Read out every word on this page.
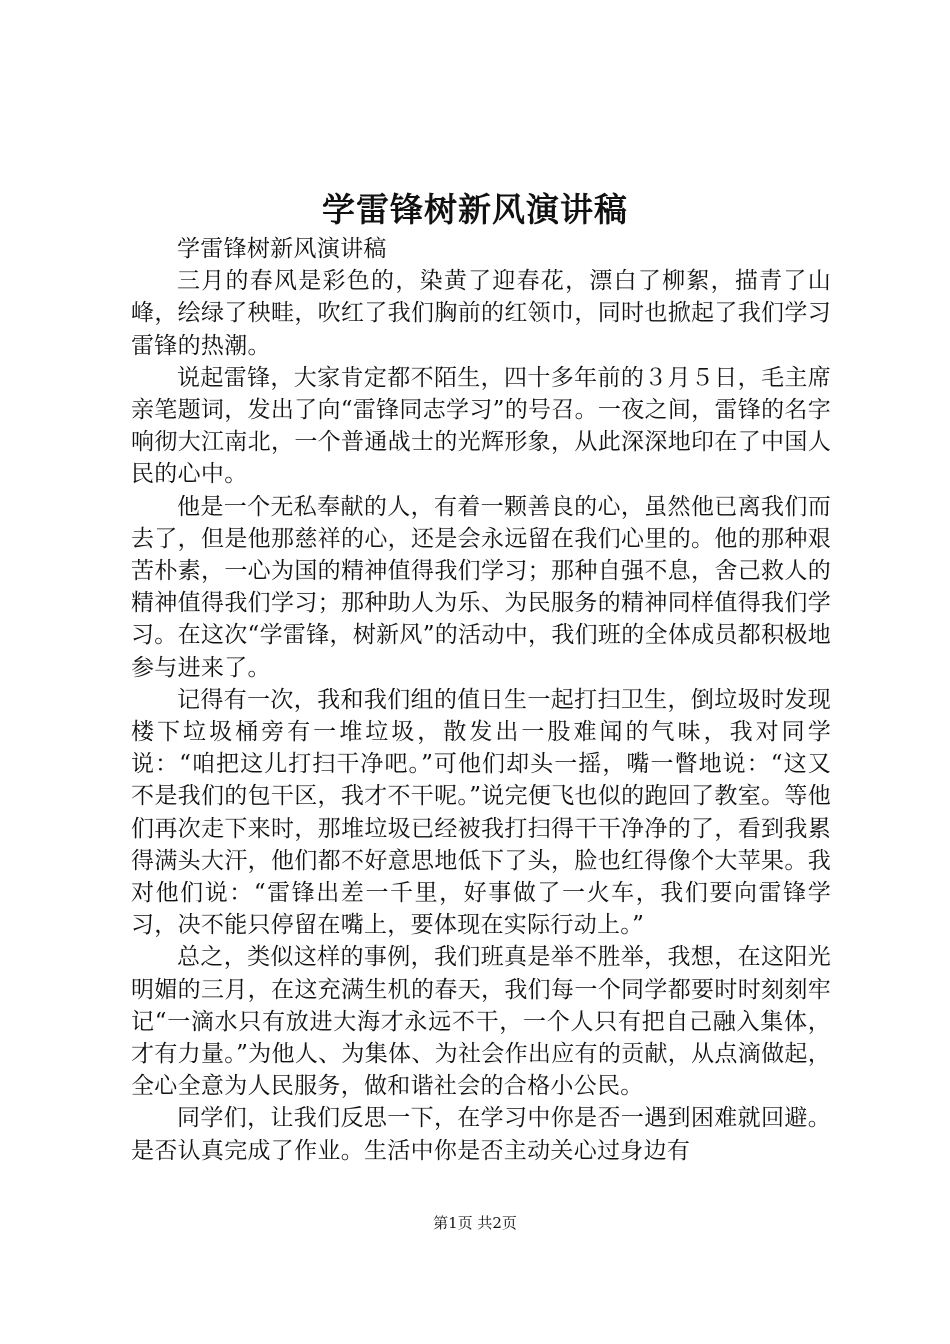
学雷锋树新风演讲稿

学雷锋树新风演讲稿

三月的春风是彩色的，染黄了迎春花，漂白了柳絮，描青了山峰，绘绿了秧畦，吹红了我们胸前的红领巾，同时也掀起了我们学习雷锋的热潮。

说起雷锋，大家肯定都不陌生，四十多年前的３月５日，毛主席亲笔题词，发出了向“雷锋同志学习”的号召。一夜之间，雷锋的名字响彻大江南北，一个普通战士的光辉形象，从此深深地印在了中国人民的心中。

他是一个无私奉献的人，有着一颗善良的心，虽然他已离我们而去了，但是他那慈祥的心，还是会永远留在我们心里的。他的那种艰苦朴素，一心为国的精神值得我们学习；那种自强不息，舍己救人的精神值得我们学习；那种助人为乐、为民服务的精神同样值得我们学习。在这次“学雷锋，树新风”的活动中，我们班的全体成员都积极地参与进来了。

记得有一次，我和我们组的值日生一起打扫卫生，倒垃圾时发现楼下垃圾桶旁有一堆垃圾，散发出一股难闻的气味，我对同学说：“咱把这儿打扫干净吧。”可他们却头一摇，嘴一瞥地说：“这又不是我们的包干区，我才不干呢。”说完便飞也似的跑回了教室。等他们再次走下来时，那堆垃圾已经被我打扫得干干净净的了，看到我累得满头大汗，他们都不好意思地低下了头，脸也红得像个大苹果。我对他们说：“雷锋出差一千里，好事做了一火车，我们要向雷锋学习，决不能只停留在嘴上，要体现在实际行动上。”

总之，类似这样的事例，我们班真是举不胜举，我想，在这阳光明媚的三月，在这充满生机的春天，我们每一个同学都要时时刻刻牢记“一滴水只有放进大海才永远不干，一个人只有把自己融入集体，才有力量。”为他人、为集体、为社会作出应有的贡献，从点滴做起，全心全意为人民服务，做和谐社会的合格小公民。

同学们，让我们反思一下，在学习中你是否一遇到困难就回避。是否认真完成了作业。生活中你是否主动关心过身边有

第1页 共2页
